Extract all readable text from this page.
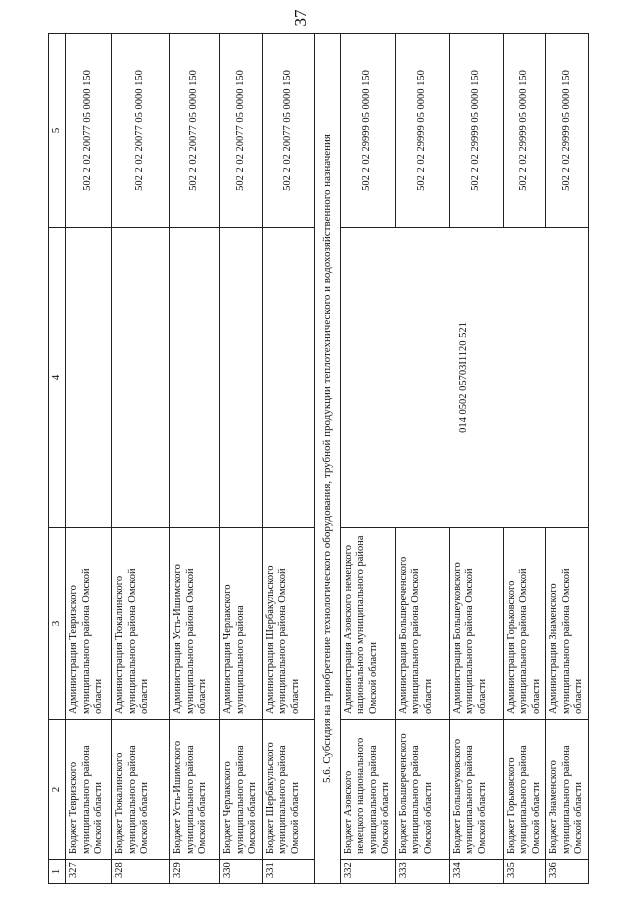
37
1	2	3	4	5
327	Бюджет Тевризского муниципального района Омской области	Администрация Тевризского муниципального района Омской области		502 2 02 20077 05 0000 150
328	Бюджет Тюкалинского муниципального района Омской области	Администрация Тюкалинского муниципального района Омской области		502 2 02 20077 05 0000 150
329	Бюджет Усть-Ишимского муниципального района Омской области	Администрация Усть-Ишимского муниципального района Омской области		502 2 02 20077 05 0000 150
330	Бюджет Черлакского муниципального района Омской области	Администрация Черлакского муниципального района		502 2 02 20077 05 0000 150
331	Бюджет Шербакульского муниципального района Омской области	Администрация Шербакульского муниципального района Омской области		502 2 02 20077 05 0000 150
5.6. Субсидия на приобретение технологического оборудования, трубной продукции теплотехнического и водохозяйственного назначения				
332	Бюджет Азовского немецкого национального муниципального района Омской области	Администрация Азовского немецкого национального муниципального района Омской области	014 0502 05703I1120 521	502 2 02 29999 05 0000 150
333	Бюджет Большереченского муниципального района Омской области	Администрация Большереченского муниципального района Омской области		502 2 02 29999 05 0000 150
334	Бюджет Большеуковского муниципального района Омской области	Администрация Большеуковского муниципального района Омской области		502 2 02 29999 05 0000 150
335	Бюджет Горьковского муниципального района Омской области	Администрация Горьковского муниципального района Омской области		502 2 02 29999 05 0000 150
336	Бюджет Знаменского муниципального района Омской области	Администрация Знаменского муниципального района Омской области		502 2 02 29999 05 0000 150
